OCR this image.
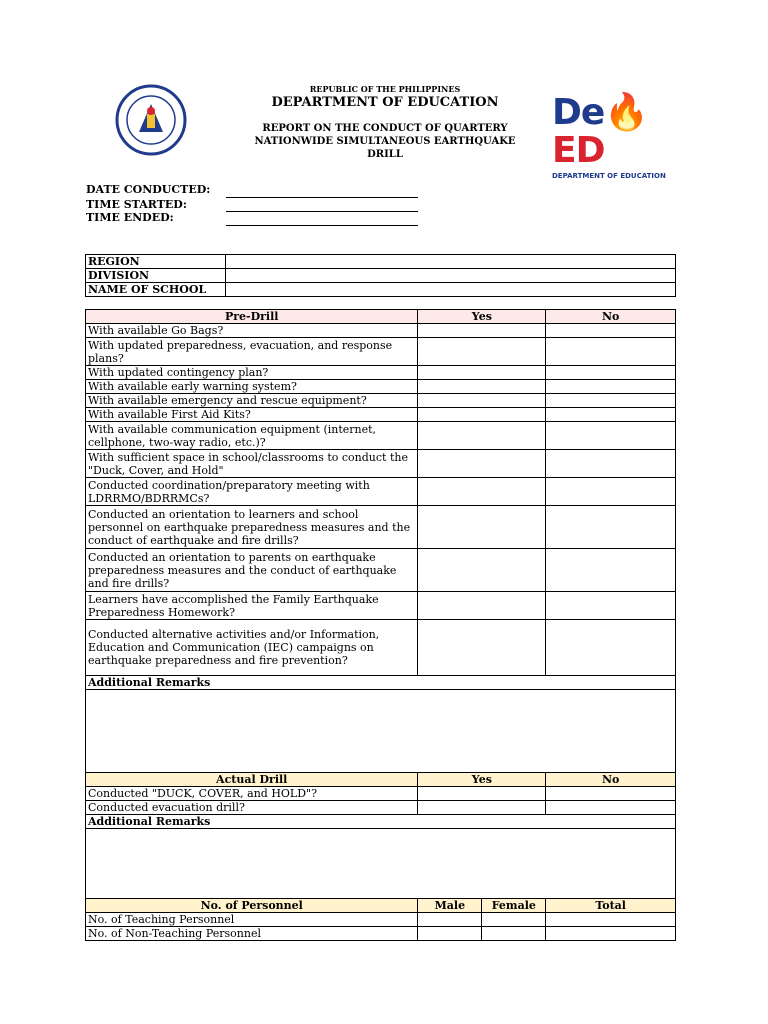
REPUBLIC OF THE PHILIPPINES
DEPARTMENT OF EDUCATION
REPORT ON THE CONDUCT OF QUARTERY
NATIONWIDE SIMULTANEOUS EARTHQUAKE
DRILL
De🔥ED
DEPARTMENT OF EDUCATION
DATE CONDUCTED:
TIME STARTED:
TIME ENDED:
REGION	
DIVISION	
NAME OF SCHOOL	
Pre-Drill	Yes		No
With available Go Bags?			
With updated preparedness, evacuation, and response plans?			
With updated contingency plan?			
With available early warning system?			
With available emergency and rescue equipment?			
With available First Aid Kits?			
With available communication equipment (internet, cellphone, two-way radio, etc.)?			
With sufficient space in school/classrooms to conduct the "Duck, Cover, and Hold"			
Conducted coordination/preparatory meeting with LDRRMO/BDRRMCs?			
Conducted an orientation to learners and school personnel on earthquake preparedness measures and the conduct of earthquake and fire drills?			
Conducted an orientation to parents on earthquake preparedness measures and the conduct of earthquake and fire drills?			
Learners have accomplished the Family Earthquake Preparedness Homework?			
Conducted alternative activities and/or Information, Education and Communication (IEC) campaigns on earthquake preparedness and fire prevention?			
Additional Remarks			

Actual Drill	Yes		No
Conducted "DUCK, COVER, and HOLD"?			
Conducted evacuation drill?			
Additional Remarks			

No. of Personnel	Male	Female	Total
No. of Teaching Personnel			
No. of Non-Teaching Personnel			
